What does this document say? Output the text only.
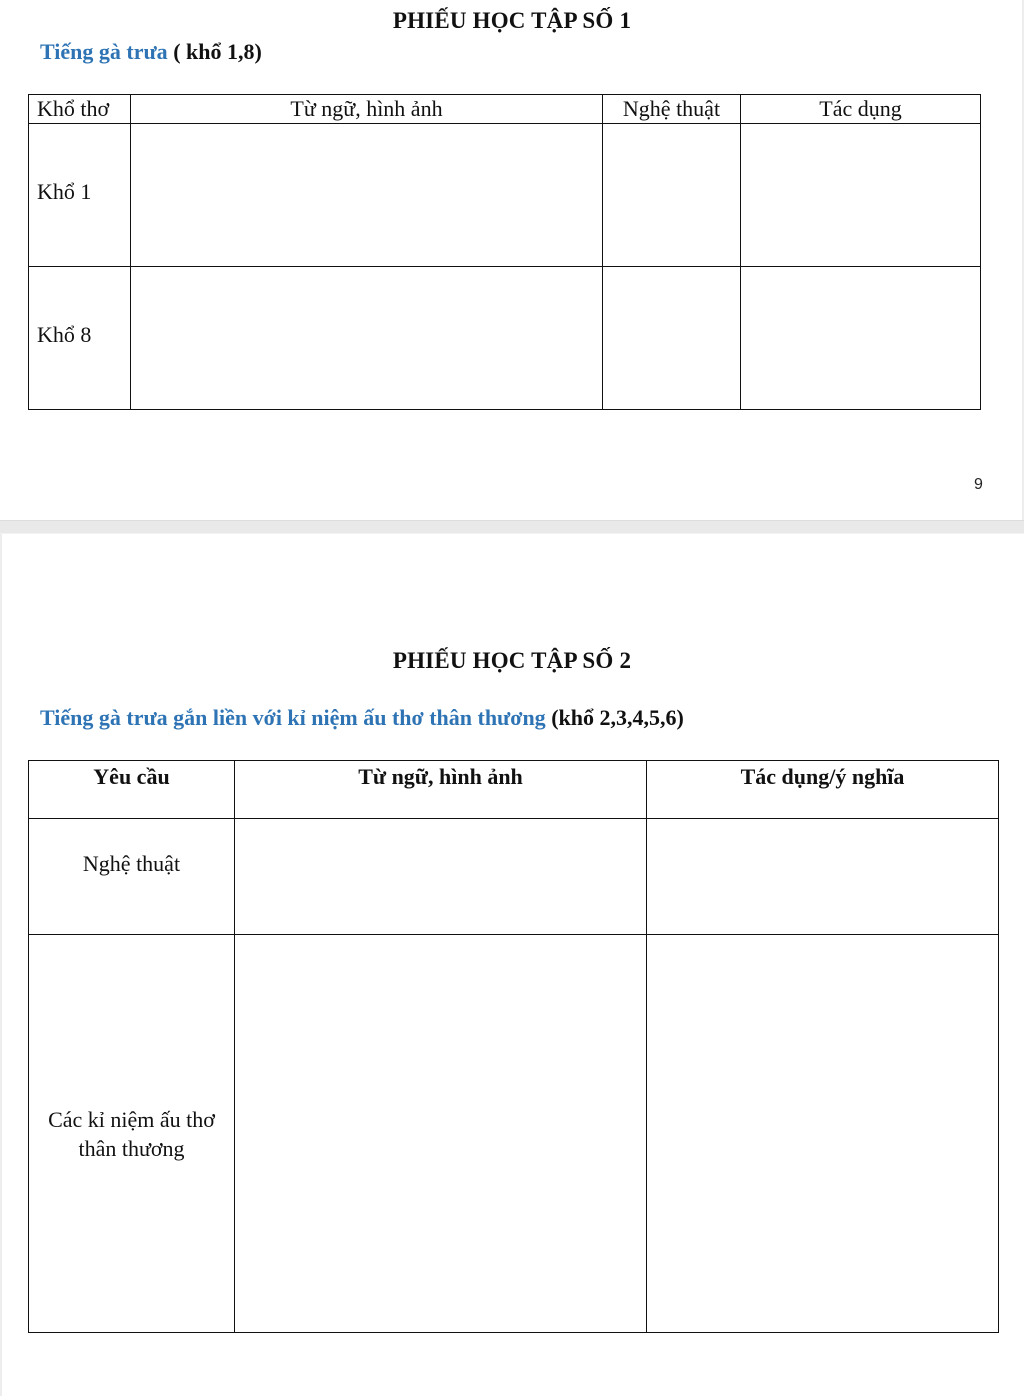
PHIẾU HỌC TẬP SỐ 1
Tiếng gà trưa ( khổ 1,8)
Khổ thơ	Từ ngữ, hình ảnh	Nghệ thuật	Tác dụng
Khổ 1			
Khổ 8			
9
PHIẾU HỌC TẬP SỐ 2
Tiếng gà trưa gắn liền với kỉ niệm ấu thơ thân thương (khổ 2,3,4,5,6)
Yêu cầu	Từ ngữ, hình ảnh	Tác dụng/ý nghĩa
Nghệ thuật		
Các kỉ niệm ấu thơ thân thương		
